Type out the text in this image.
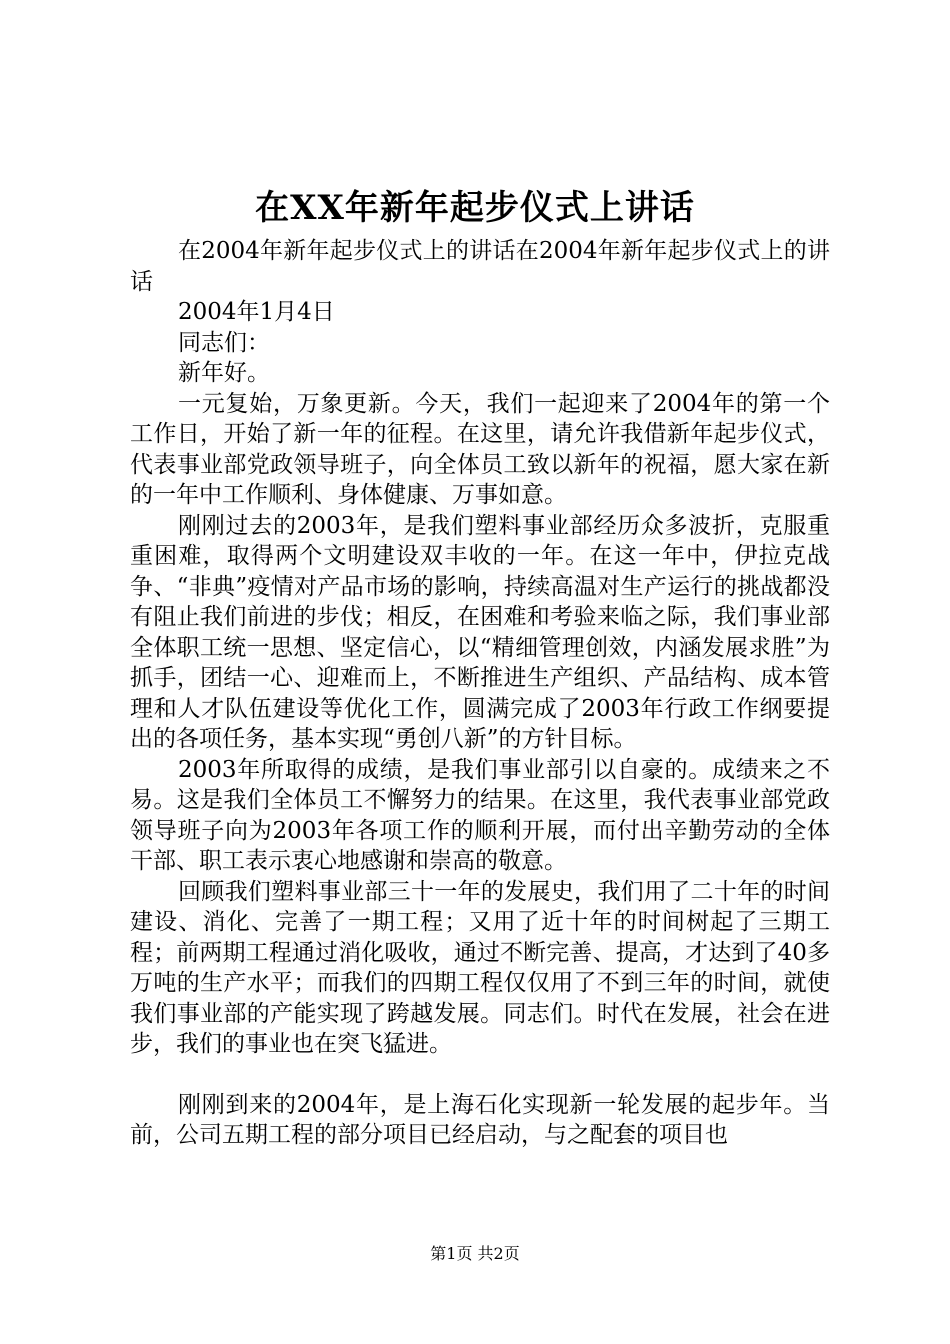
在XX年新年起步仪式上讲话

在2004年新年起步仪式上的讲话在2004年新年起步仪式上的讲话

2004年1月4日

同志们：

新年好。

一元复始，万象更新。今天，我们一起迎来了2004年的第一个工作日，开始了新一年的征程。在这里，请允许我借新年起步仪式，代表事业部党政领导班子，向全体员工致以新年的祝福，愿大家在新的一年中工作顺利、身体健康、万事如意。

刚刚过去的2003年，是我们塑料事业部经历众多波折，克服重重困难，取得两个文明建设双丰收的一年。在这一年中，伊拉克战争、“非典”疫情对产品市场的影响，持续高温对生产运行的挑战都没有阻止我们前进的步伐；相反，在困难和考验来临之际，我们事业部全体职工统一思想、坚定信心，以“精细管理创效，内涵发展求胜”为抓手，团结一心、迎难而上，不断推进生产组织、产品结构、成本管理和人才队伍建设等优化工作，圆满完成了2003年行政工作纲要提出的各项任务，基本实现“勇创八新”的方针目标。

2003年所取得的成绩，是我们事业部引以自豪的。成绩来之不易。这是我们全体员工不懈努力的结果。在这里，我代表事业部党政领导班子向为2003年各项工作的顺利开展，而付出辛勤劳动的全体干部、职工表示衷心地感谢和崇高的敬意。

回顾我们塑料事业部三十一年的发展史，我们用了二十年的时间建设、消化、完善了一期工程；又用了近十年的时间树起了三期工程；前两期工程通过消化吸收，通过不断完善、提高，才达到了40多万吨的生产水平；而我们的四期工程仅仅用了不到三年的时间，就使我们事业部的产能实现了跨越发展。同志们。时代在发展，社会在进步，我们的事业也在突飞猛进。

刚刚到来的2004年，是上海石化实现新一轮发展的起步年。当前，公司五期工程的部分项目已经启动，与之配套的项目也

第1页 共2页
